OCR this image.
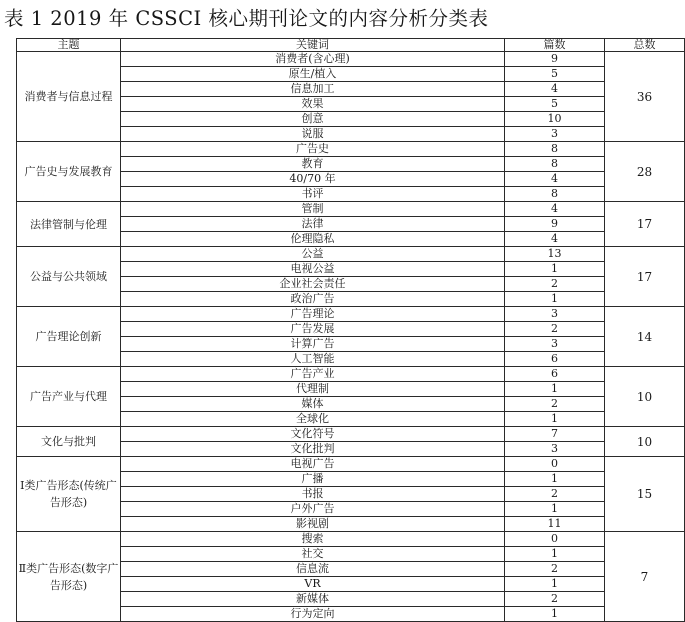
表 1 2019 年 CSSCI 核心期刊论文的内容分析分类表
主题	关键词	篇数	总数
消费者与信息过程	消费者(含心理)	9	36
	原生/植入	5	
	信息加工	4	
	效果	5	
	创意	10	
	说服	3	
广告史与发展教育	广告史	8	28
	教育	8	
	40/70 年	4	
	书评	8	
法律管制与伦理	管制	4	17
	法律	9	
	伦理隐私	4	
公益与公共领域	公益	13	17
	电视公益	1	
	企业社会责任	2	
	政治广告	1	
广告理论创新	广告理论	3	14
	广告发展	2	
	计算广告	3	
	人工智能	6	
广告产业与代理	广告产业	6	10
	代理制	1	
	媒体	2	
	全球化	1	
文化与批判	文化符号	7	10
	文化批判	3	
Ⅰ类广告形态(传统广告形态)	电视广告	0	15
	广播	1	
	书报	2	
	户外广告	1	
	影视剧	11	
Ⅱ类广告形态(数字广告形态)	搜索	0	7
	社交	1	
	信息流	2	
	VR	1	
	新媒体	2	
	行为定向	1	
